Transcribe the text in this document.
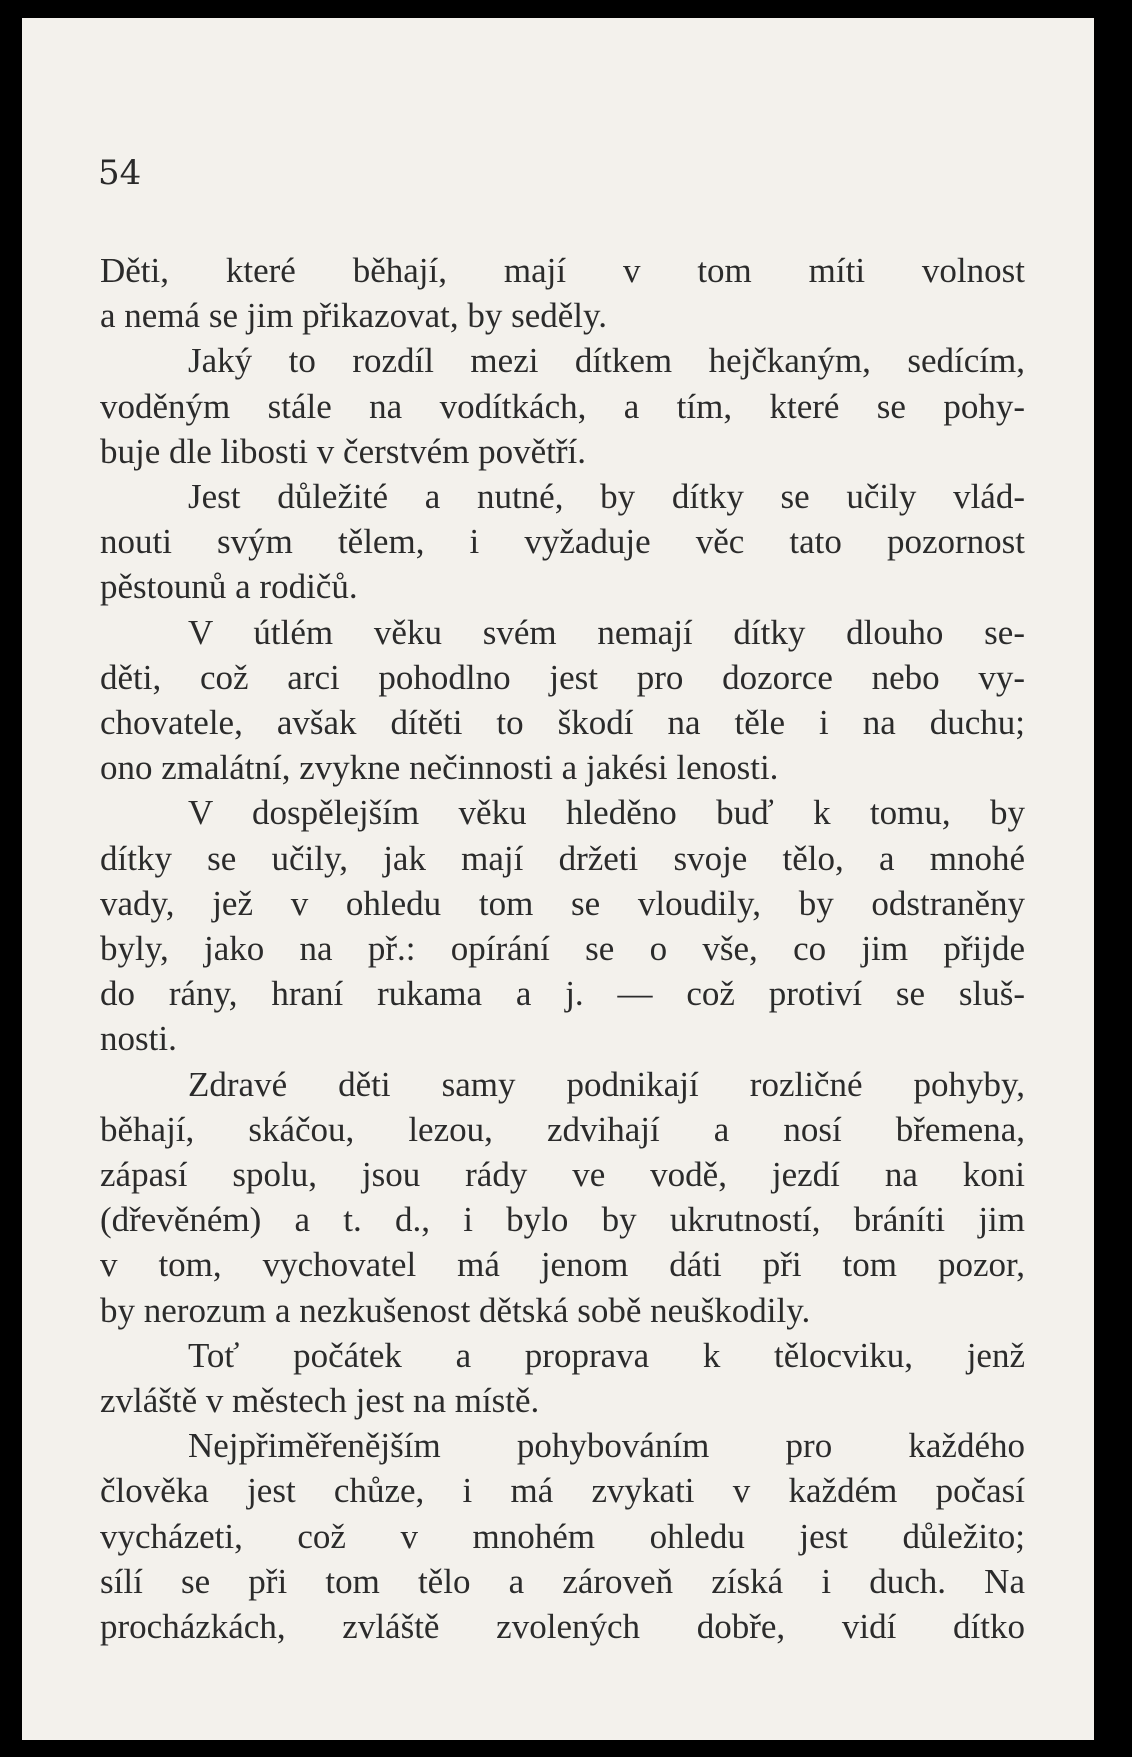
54

Děti, které běhají, mají v tom míti volnost
a nemá se jim přikazovat, by seděly.

Jaký to rozdíl mezi dítkem hejčkaným, sedícím,
voděným stále na vodítkách, a tím, které se pohy-
buje dle libosti v čerstvém povětří.

Jest důležité a nutné, by dítky se učily vlád-
nouti svým tělem, i vyžaduje věc tato pozornost
pěstounů a rodičů.

V útlém věku svém nemají dítky dlouho se-
děti, což arci pohodlno jest pro dozorce nebo vy-
chovatele, avšak dítěti to škodí na těle i na duchu;
ono zmalátní, zvykne nečinnosti a jakési lenosti.

V dospělejším věku hleděno buď k tomu, by
dítky se učily, jak mají držeti svoje tělo, a mnohé
vady, jež v ohledu tom se vloudily, by odstraněny
byly, jako na př.: opírání se o vše, co jim přijde
do rány, hraní rukama a j. — což protiví se sluš-
nosti.

Zdravé děti samy podnikají rozličné pohyby,
běhají, skáčou, lezou, zdvihají a nosí břemena,
zápasí spolu, jsou rády ve vodě, jezdí na koni
(dřevěném) a t. d., i bylo by ukrutností, bráníti jim
v tom, vychovatel má jenom dáti při tom pozor,
by nerozum a nezkušenost dětská sobě neuškodily.

Toť počátek a proprava k tělocviku, jenž
zvláště v městech jest na místě.

Nejpřiměřenějším pohybováním pro každého
člověka jest chůze, i má zvykati v každém počasí
vycházeti, což v mnohém ohledu jest důležito;
sílí se při tom tělo a zároveň získá i duch. Na
procházkách, zvláště zvolených dobře, vidí dítko
